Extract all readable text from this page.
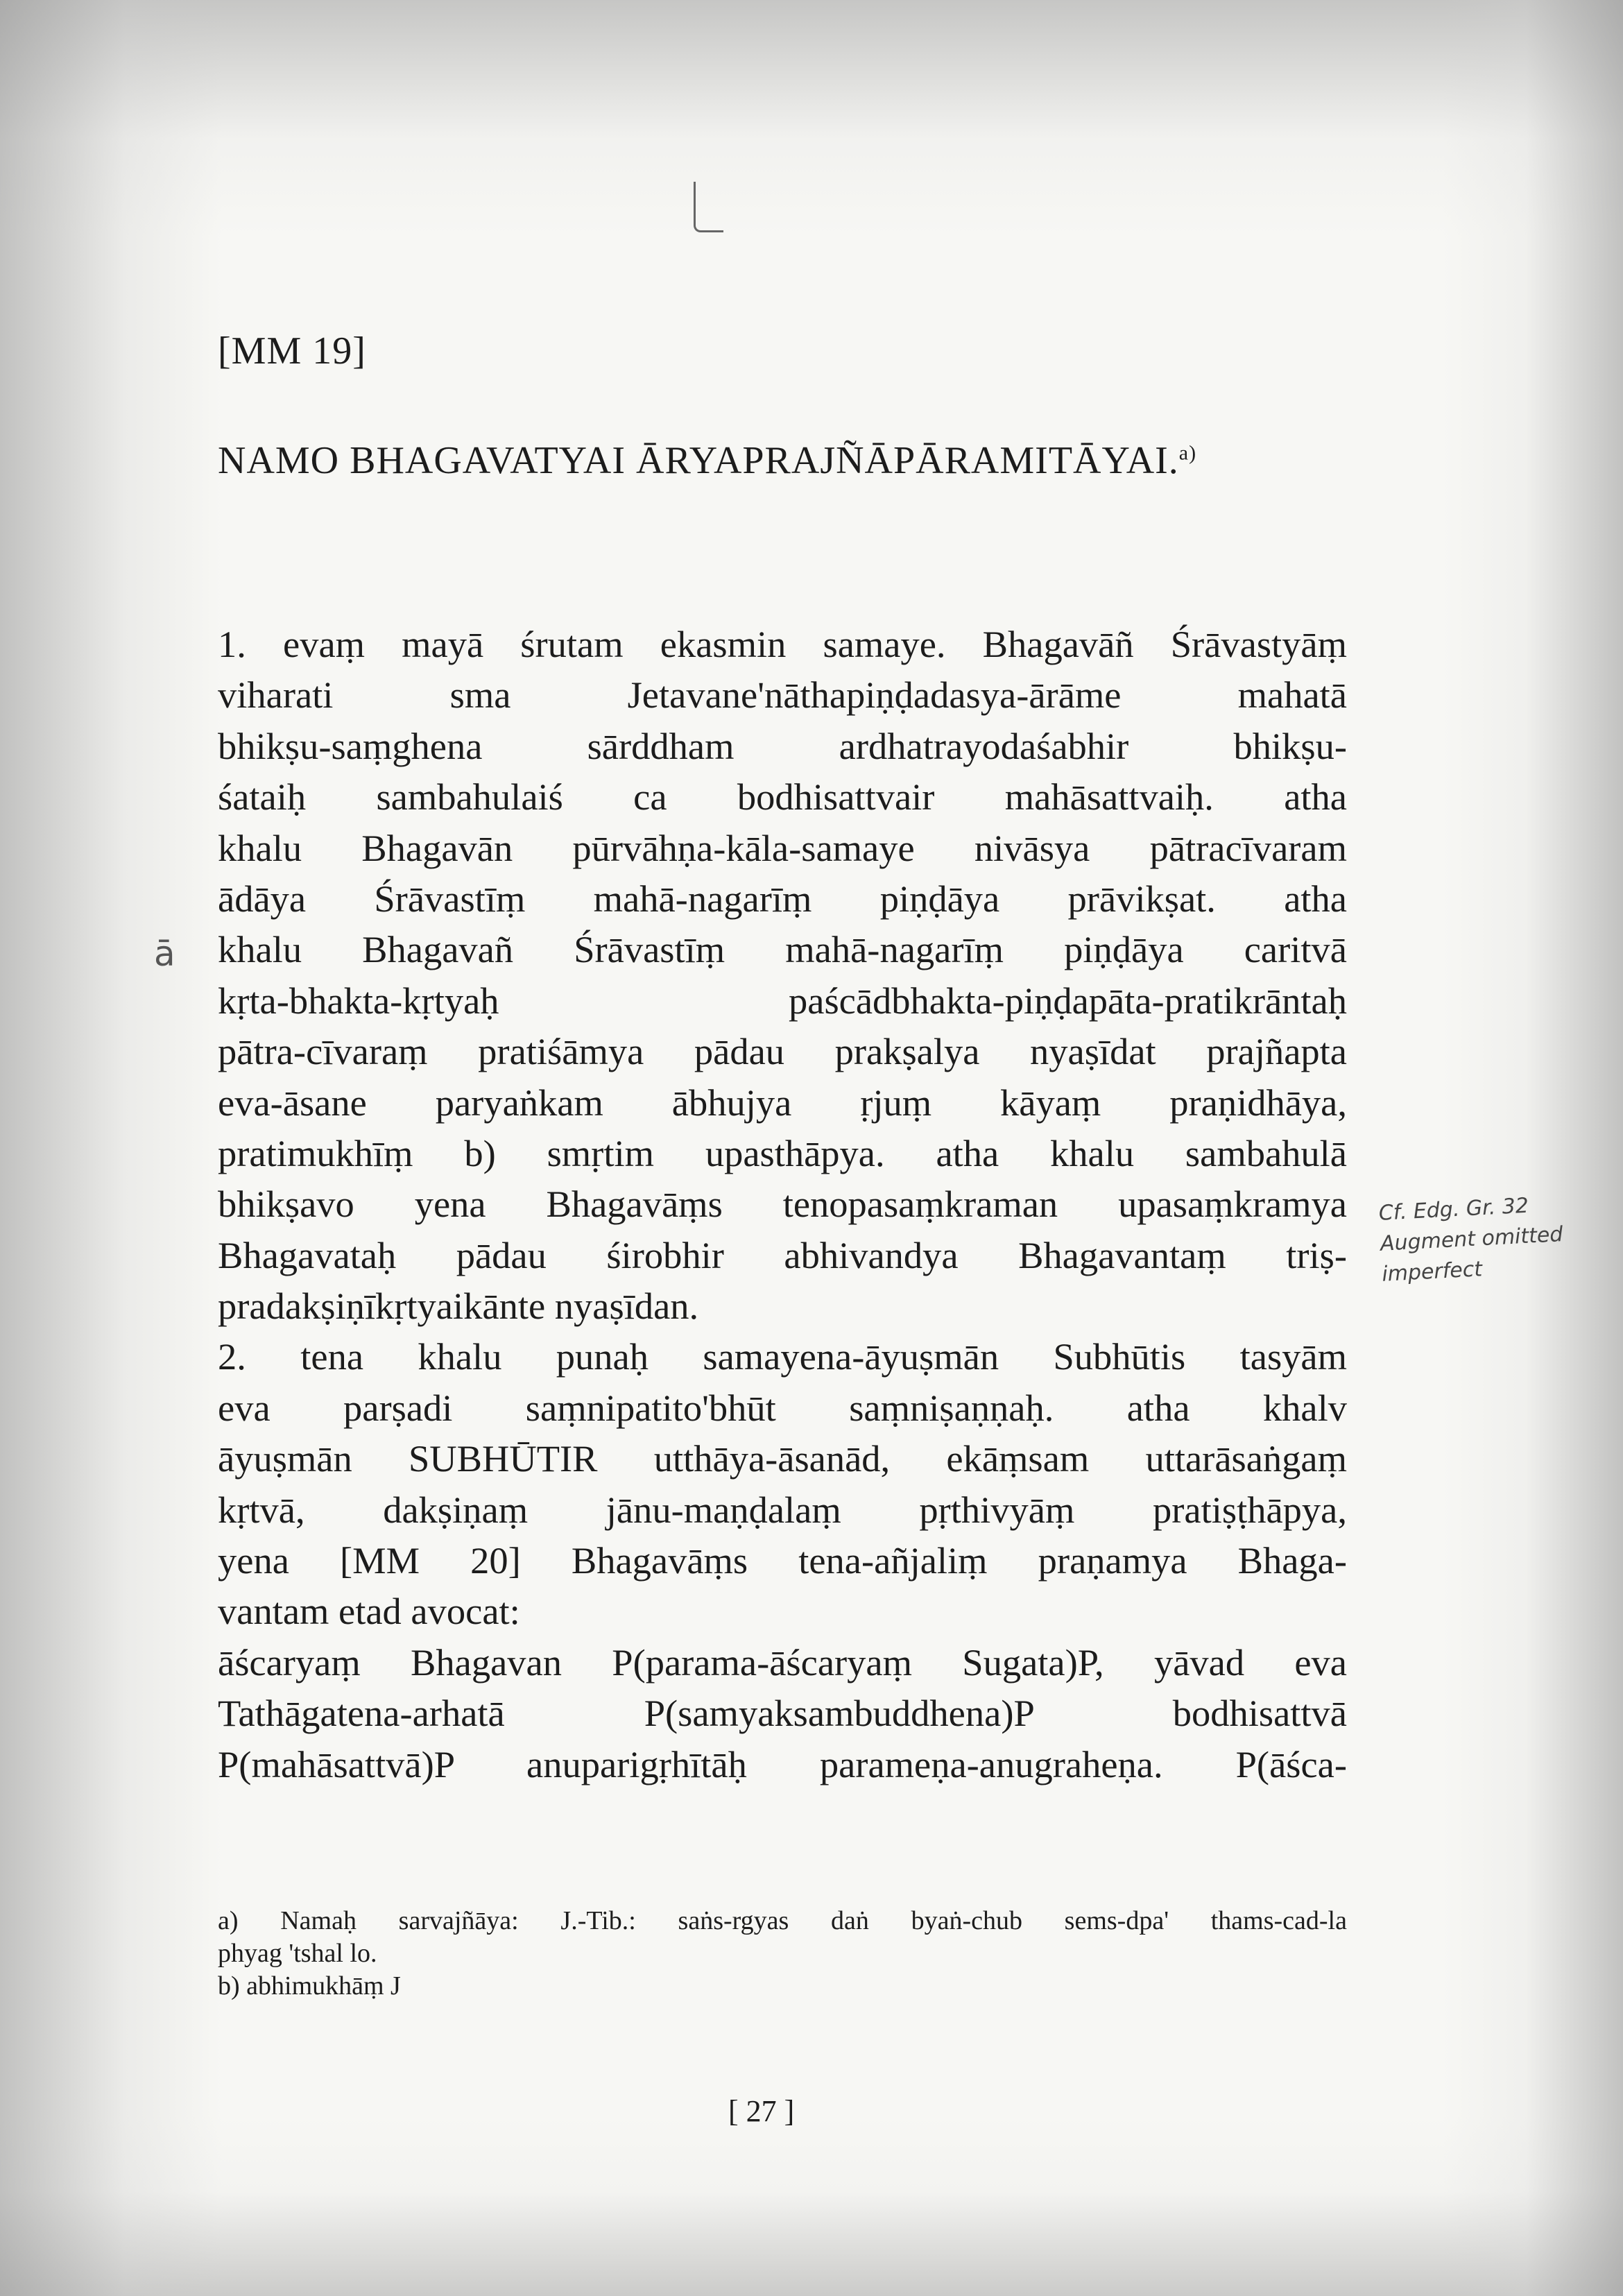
[MM 19]
NAMO BHAGAVATYAI ĀRYAPRAJÑĀPĀRAMITĀYAI.$^{a)}$
ā
1. evaṃ mayā śrutam ekasmin samaye. Bhagavāñ Śrāvastyāṃ
viharati sma Jetavane'nāthapiṇḍadasya-ārāme mahatā
bhikṣu-saṃghena sārddham ardhatrayodaśabhir bhikṣu-
śataiḥ sambahulaiś ca bodhisattvair mahāsattvaiḥ. atha
khalu Bhagavān pūrvāhṇa-kāla-samaye nivāsya pātracīvaram
ādāya Śrāvastīṃ mahā-nagarīṃ piṇḍāya prāvikṣat. atha
khalu Bhagavañ Śrāvastīṃ mahā-nagarīṃ piṇḍāya caritvā
kṛta-bhakta-kṛtyaḥ paścādbhakta-piṇḍapāta-pratikrāntaḥ
pātra-cīvaraṃ pratiśāmya pādau prakṣalya nyaṣīdat prajñapta
eva-āsane paryaṅkam ābhujya ṛjuṃ kāyaṃ praṇidhāya,
pratimukhīṃ b) smṛtim upasthāpya. atha khalu sambahulā
bhikṣavo yena Bhagavāṃs tenopasaṃkraman upasaṃkramya
Bhagavataḥ pādau śirobhir abhivandya Bhagavantaṃ triṣ-
pradakṣiṇīkṛtyaikānte nyaṣīdan.
2. tena khalu punaḥ samayena-āyuṣmān Subhūtis tasyām
eva parṣadi saṃnipatito'bhūt saṃniṣaṇṇaḥ. atha khalv
āyuṣmān SUBHŪTIR utthāya-āsanād, ekāṃsam uttarāsaṅgaṃ
kṛtvā, dakṣiṇaṃ jānu-maṇḍalaṃ pṛthivyāṃ pratiṣṭhāpya,
yena [MM 20] Bhagavāṃs tena-añjaliṃ praṇamya Bhaga-
vantam etad avocat:
āścaryaṃ Bhagavan P(parama-āścaryaṃ Sugata)P, yāvad eva
Tathāgatena-arhatā P(samyaksambuddhena)P bodhisattvā
P(mahāsattvā)P anuparigṛhītāḥ parameṇa-anugraheṇa. P(āśca-
Cf. Edg. Gr. 32
Augment omitted
imperfect
a) Namaḥ sarvajñāya: J.-Tib.: saṅs-rgyas daṅ byaṅ-chub sems-dpa' thams-cad-la
phyag 'tshal lo.
b) abhimukhāṃ J
[ 27 ]
